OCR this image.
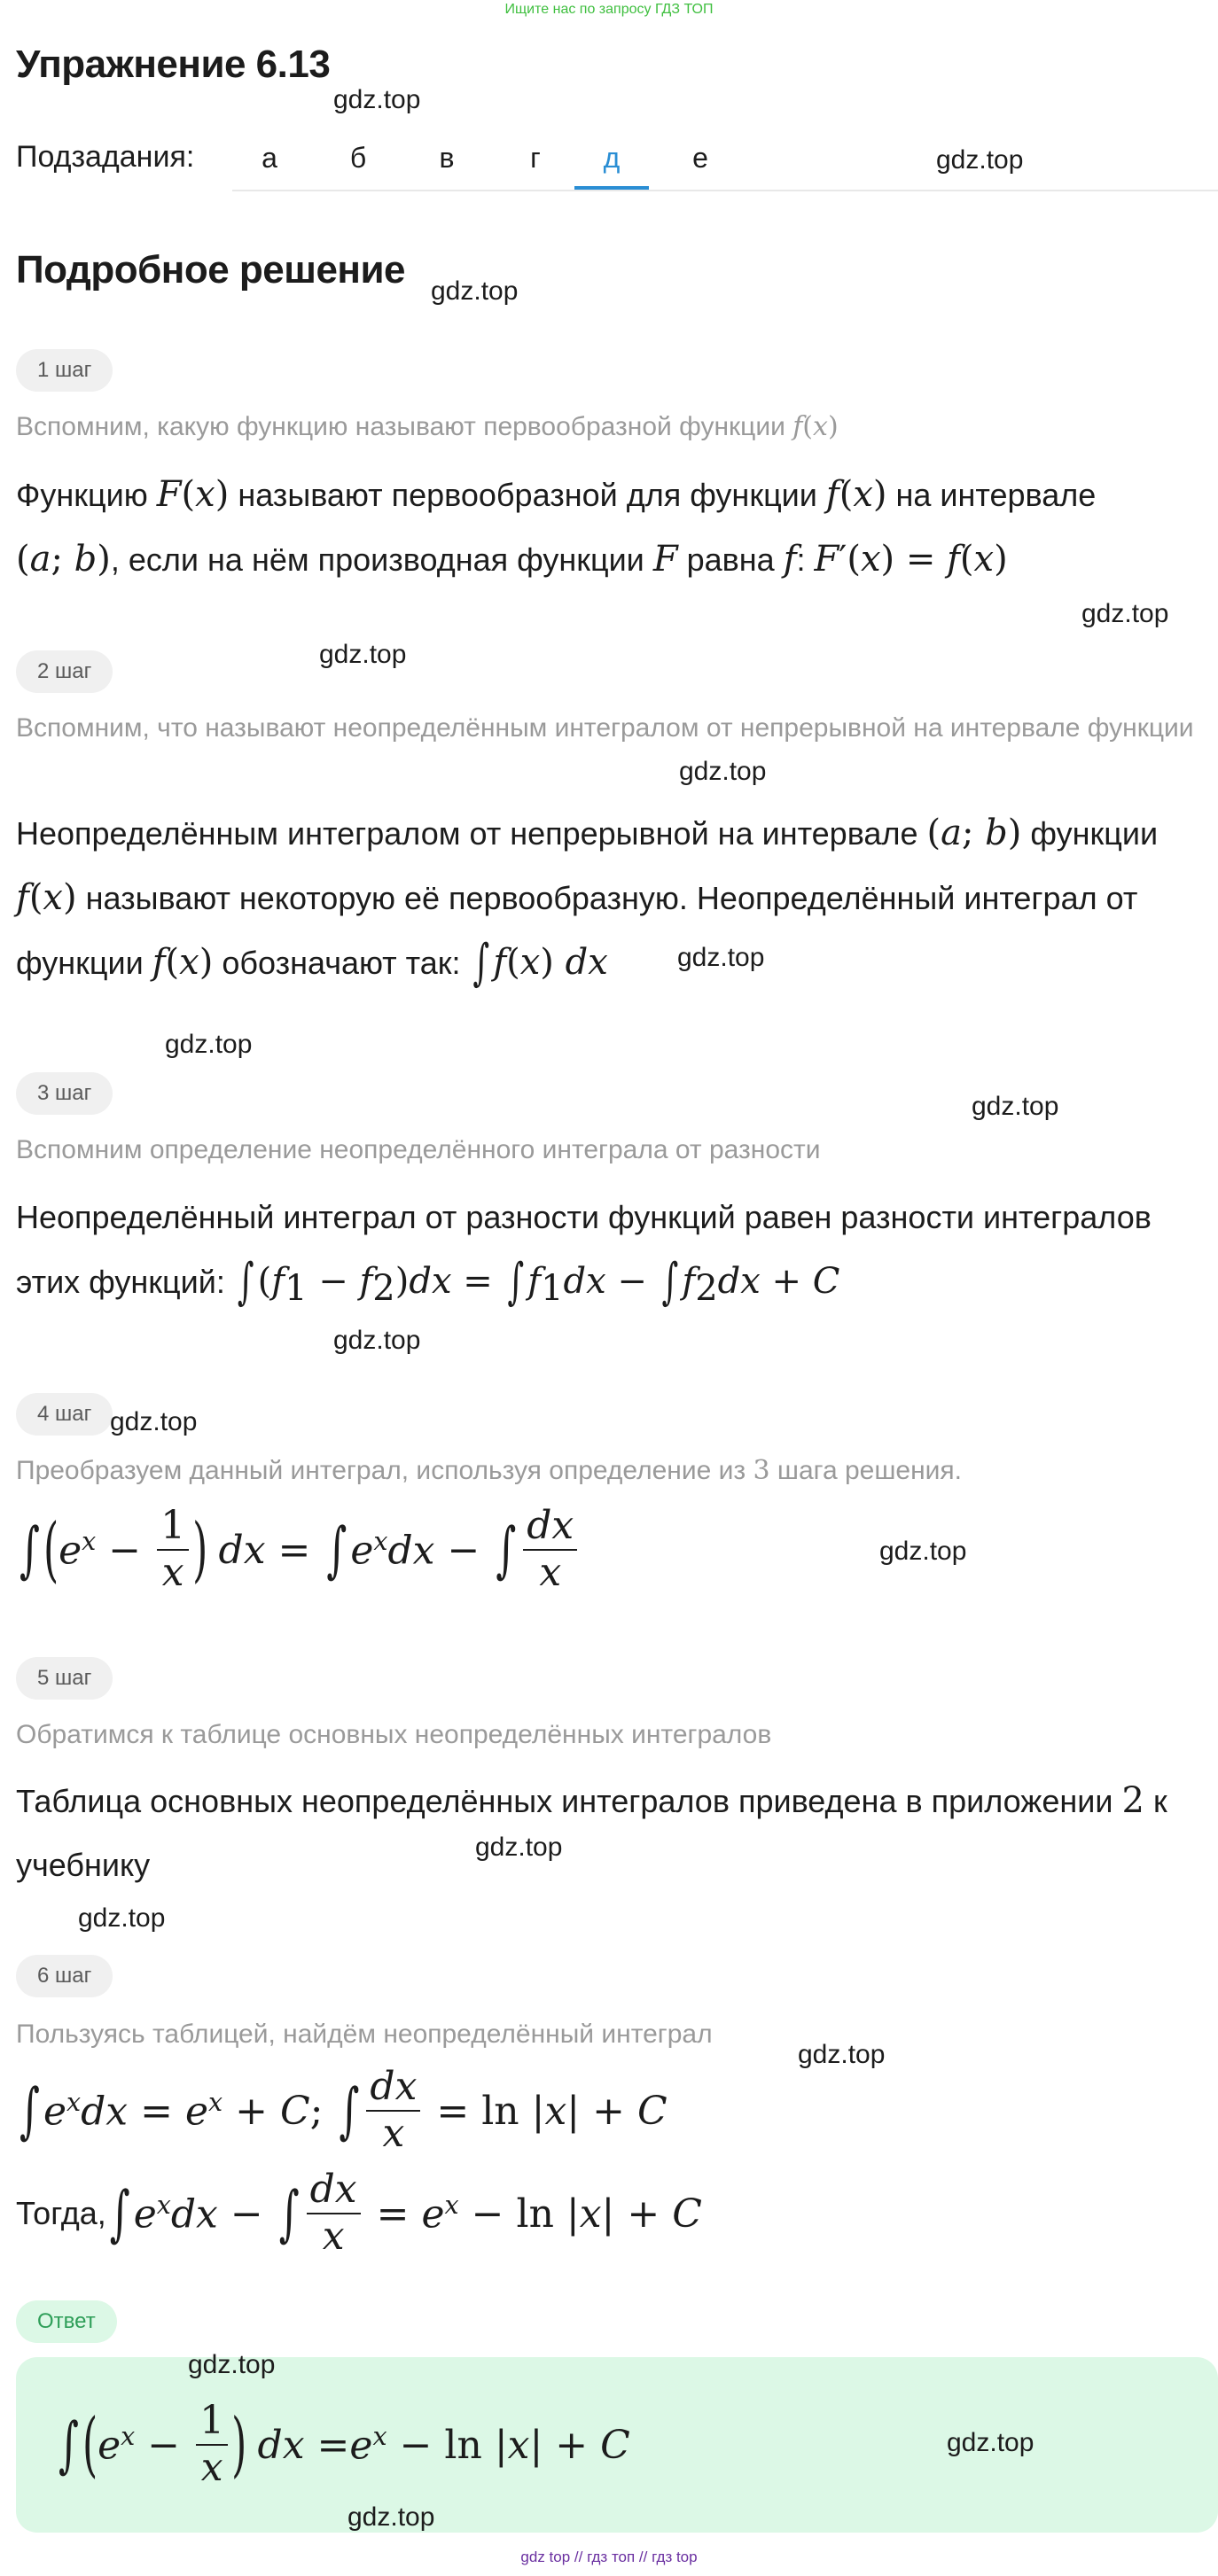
Ищите нас по запросу ГДЗ ТОП
Упражнение 6.13
Подзадания:	а	б	в	г	д	е
Подробное решение
1 шаг
Вспомним, какую функцию называют первообразной функции f(x)
Функцию F(x) называют первообразной для функции f(x) на интервале
(a; b), если на нём производная функции F равна f: F′(x) = f(x)
2 шаг
Вспомним, что называют неопределённым интегралом от непрерывной на интервале функции
Неопределённым интегралом от непрерывной на интервале (a; b) функции
f(x) называют некоторую её первообразную. Неопределённый интеграл от функции f(x) обозначают так: ∫ f(x) dx
3 шаг
Вспомним определение неопределённого интеграла от разности
Неопределённый интеграл от разности функций равен разности интегралов этих функций: ∫ $(f_1 - f_2)dx$ = ∫ $f_1dx$ − ∫ $f_2dx + C$
4 шаг
Преобразуем данный интеграл, используя определение из 3 шага решения.
∫ ( $e^x - \frac{1}{x}$ )
dx = ∫ $e^xdx$ − ∫ $\frac{dx}{x}$
5 шаг
Обратимся к таблице основных неопределённых интегралов
Таблица основных неопределённых интегралов приведена в приложении 2 к учебнику
6 шаг
Пользуясь таблицей, найдём неопределённый интеграл
∫ $e^xdx = e^x + C$ ; ∫ $\frac{dx}{x} = \ln$ | x | + C
Тогда, ∫ $e^xdx$ − ∫ $\frac{dx}{x} = e^x - \ln$ | x | + C
Ответ
∫ ( $e^x - \frac{1}{x}$ )
dx = $e^x - \ln$ | x | + C
gdz.top
gdz.top
gdz.top
gdz.top
gdz.top
gdz.top
gdz.top
gdz.top
gdz.top
gdz.top
gdz.top
gdz.top
gdz.top
gdz.top
gdz.top
gdz.top
gdz.top
gdz.top
gdz top // гдз топ // гдз top
